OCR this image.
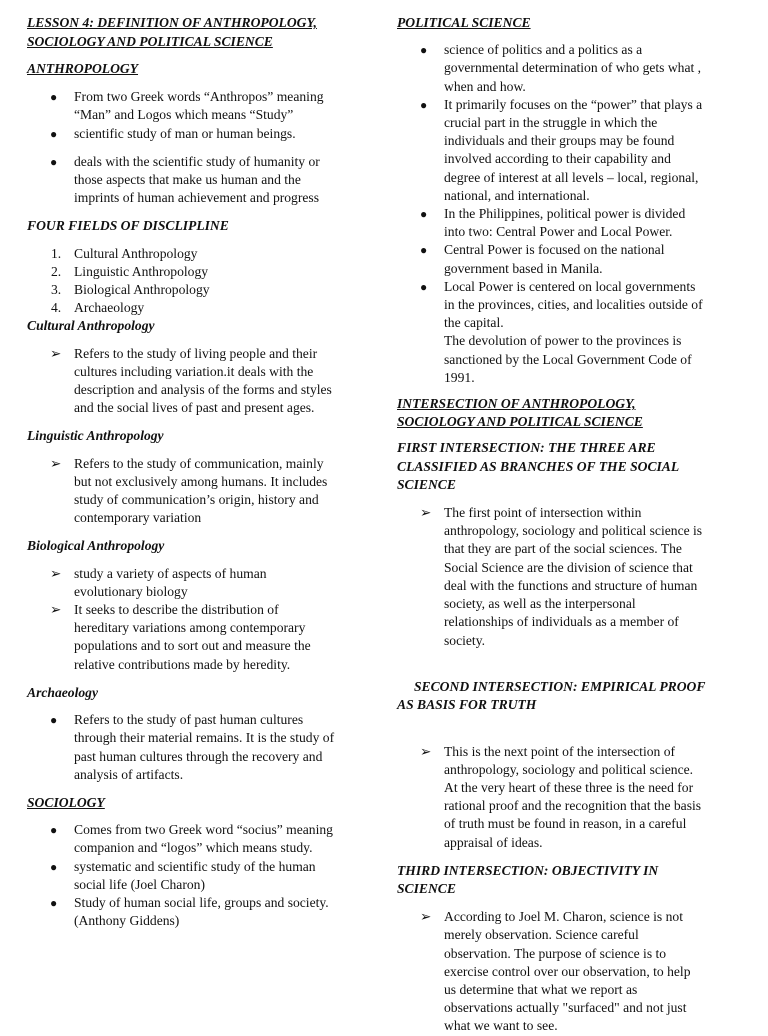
LESSON 4: DEFINITION OF ANTHROPOLOGY,
SOCIOLOGY AND POLITICAL SCIENCE

ANTHROPOLOGY

● From two Greek words “Anthropos” meaning
“Man” and Logos which means “Study”
● scientific study of man or human beings.
● deals with the scientific study of humanity or
those aspects that make us human and the
imprints of human achievement and progress

FOUR FIELDS OF DISCLIPLINE

1. Cultural Anthropology
2. Linguistic Anthropology
3. Biological Anthropology
4. Archaeology

Cultural Anthropology

➢ Refers to the study of living people and their
cultures including variation.it deals with the
description and analysis of the forms and styles
and the social lives of past and present ages.

Linguistic Anthropology

➢ Refers to the study of communication, mainly
but not exclusively among humans. It includes
study of communication’s origin, history and
contemporary variation

Biological Anthropology

➢ study a variety of aspects of human
evolutionary biology
➢ It seeks to describe the distribution of
hereditary variations among contemporary
populations and to sort out and measure the
relative contributions made by heredity.

Archaeology

● Refers to the study of past human cultures
through their material remains. It is the study of
past human cultures through the recovery and
analysis of artifacts.

SOCIOLOGY

● Comes from two Greek word “socius” meaning
companion and “logos” which means study.
● systematic and scientific study of the human
social life (Joel Charon)
● Study of human social life, groups and society.
(Anthony Giddens)

POLITICAL SCIENCE

● science of politics and a politics as a
governmental determination of who gets what ,
when and how.
● It primarily focuses on the “power” that plays a
crucial part in the struggle in which the
individuals and their groups may be found
involved according to their capability and
degree of interest at all levels – local, regional,
national, and international.
● In the Philippines, political power is divided
into two: Central Power and Local Power.
● Central Power is focused on the national
government based in Manila.
● Local Power is centered on local governments
in the provinces, cities, and localities outside of
the capital.
The devolution of power to the provinces is
sanctioned by the Local Government Code of
1991.

INTERSECTION OF ANTHROPOLOGY,
SOCIOLOGY AND POLITICAL SCIENCE

FIRST INTERSECTION: THE THREE ARE
CLASSIFIED AS BRANCHES OF THE SOCIAL
SCIENCE

➢ The first point of intersection within
anthropology, sociology and political science is
that they are part of the social sciences. The
Social Science are the division of science that
deal with the functions and structure of human
society, as well as the interpersonal
relationships of individuals as a member of
society.

SECOND INTERSECTION: EMPIRICAL PROOF
AS BASIS FOR TRUTH

➢ This is the next point of the intersection of
anthropology, sociology and political science.
At the very heart of these three is the need for
rational proof and the recognition that the basis
of truth must be found in reason, in a careful
appraisal of ideas.

THIRD INTERSECTION: OBJECTIVITY IN
SCIENCE

➢ According to Joel M. Charon, science is not
merely observation. Science careful
observation. The purpose of science is to
exercise control over our observation, to help
us determine that what we report as
observations actually "surfaced" and not just
what we want to see.
